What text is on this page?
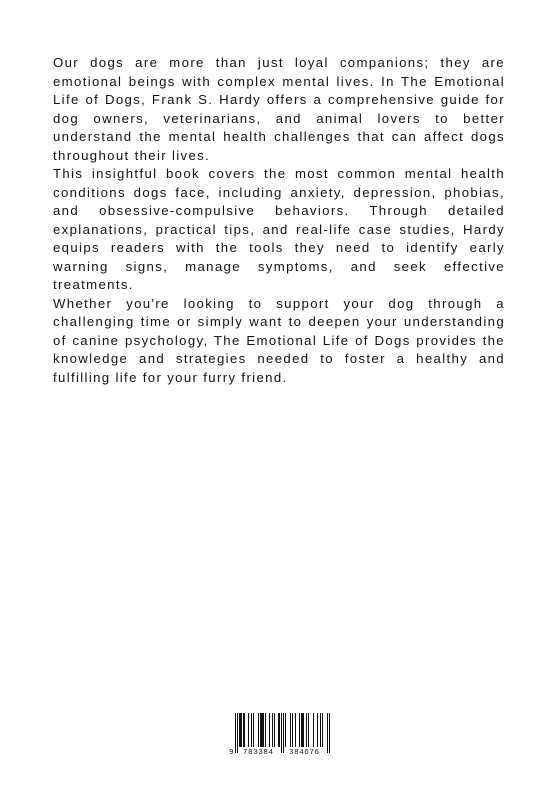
Our dogs are more than just loyal companions; they are emotional beings with complex mental lives. In The Emotional Life of Dogs, Frank S. Hardy offers a comprehensive guide for dog owners, veterinarians, and animal lovers to better understand the mental health challenges that can affect dogs throughout their lives.

This insightful book covers the most common mental health conditions dogs face, including anxiety, depression, phobias, and obsessive-compulsive behaviors. Through detailed explanations, practical tips, and real-life case studies, Hardy equips readers with the tools they need to identify early warning signs, manage symptoms, and seek effective treatments.

Whether you're looking to support your dog through a challenging time or simply want to deepen your understanding of canine psychology, The Emotional Life of Dogs provides the knowledge and strategies needed to foster a healthy and fulfilling life for your furry friend.

9 783384 384676
